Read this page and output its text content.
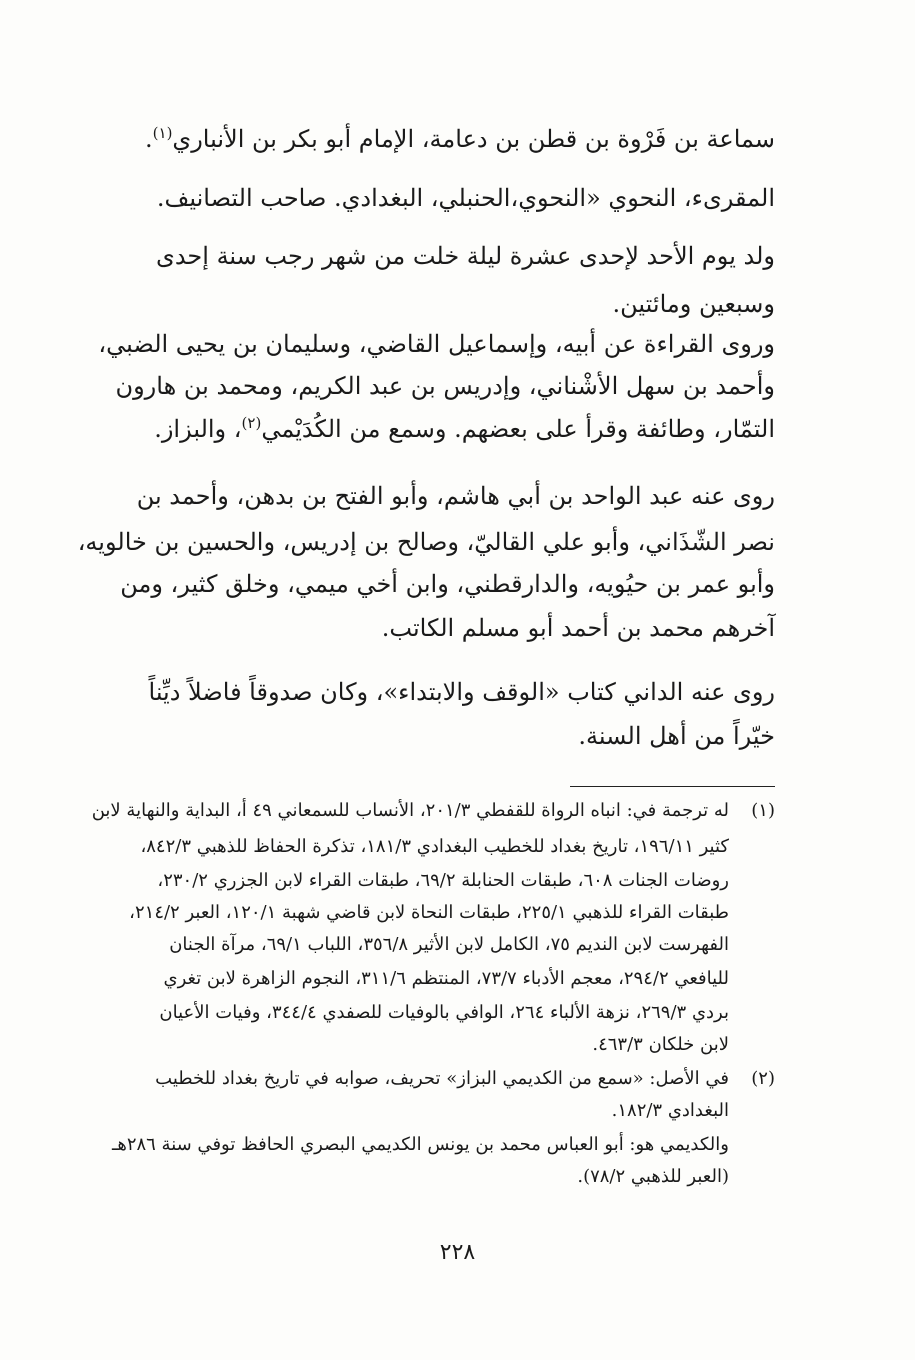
سماعة بن فَرْوة بن قطن بن دعامة، الإمام أبو بكر بن الأنباري$^{(١)}$.
المقرىء، النحوي «النحوي،الحنبلي، البغدادي. صاحب التصانيف.
ولد يوم الأحد لإحدى عشرة ليلة خلت من شهر رجب سنة إحدى
وسبعين ومائتين.
وروى القراءة عن أبيه، وإسماعيل القاضي، وسليمان بن يحيى الضبي،
وأحمد بن سهل الأشْناني، وإدريس بن عبد الكريم، ومحمد بن هارون
التمّار، وطائفة وقرأ على بعضهم. وسمع من الكُدَيْمي$^{(٢)}$، والبزاز.
روى عنه عبد الواحد بن أبي هاشم، وأبو الفتح بن بدهن، وأحمد بن
نصر الشّذَاني، وأبو علي القاليّ، وصالح بن إدريس، والحسين بن خالويه،
وأبو عمر بن حيُويه، والدارقطني، وابن أخي ميمي، وخلق كثير، ومن
آخرهم محمد بن أحمد أبو مسلم الكاتب.
روى عنه الداني كتاب «الوقف والابتداء»، وكان صدوقاً فاضلاً ديِّناً
خيّراً من أهل السنة.
(١)
له ترجمة في: انباه الرواة للقفطي ٢٠١/٣، الأنساب للسمعاني ٤٩ أ، البداية والنهاية لابن
كثير ١٩٦/١١، تاريخ بغداد للخطيب البغدادي ١٨١/٣، تذكرة الحفاظ للذهبي ٨٤٢/٣،
روضات الجنات ٦٠٨، طبقات الحنابلة ٦٩/٢، طبقات القراء لابن الجزري ٢٣٠/٢،
طبقات القراء للذهبي ٢٢٥/١، طبقات النحاة لابن قاضي شهبة ١٢٠/١، العبر ٢١٤/٢،
الفهرست لابن النديم ٧٥، الكامل لابن الأثير ٣٥٦/٨، اللباب ٦٩/١، مرآة الجنان
لليافعي ٢٩٤/٢، معجم الأدباء ٧٣/٧، المنتظم ٣١١/٦، النجوم الزاهرة لابن تغري
بردي ٢٦٩/٣، نزهة الألباء ٢٦٤، الوافي بالوفيات للصفدي ٣٤٤/٤، وفيات الأعيان
لابن خلكان ٤٦٣/٣.
(٢)
في الأصل: «سمع من الكديمي البزاز» تحريف، صوابه في تاريخ بغداد للخطيب
البغدادي ١٨٢/٣.
والكديمي هو: أبو العباس محمد بن يونس الكديمي البصري الحافظ توفي سنة ٢٨٦هـ
(العبر للذهبي ٧٨/٢).
٢٢٨
